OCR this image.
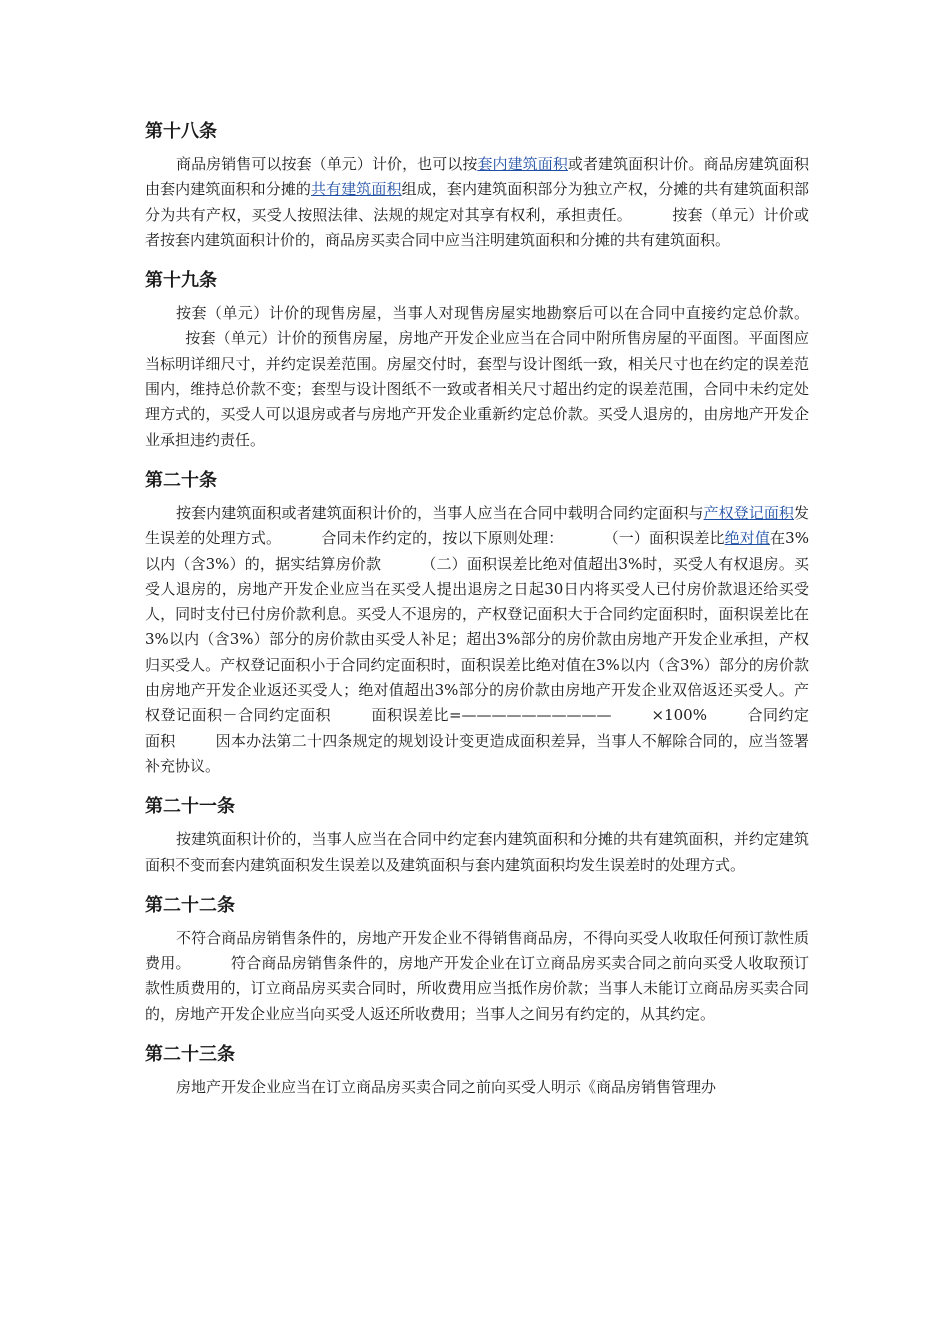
第十八条

商品房销售可以按套（单元）计价，也可以按套内建筑面积或者建筑面积计价。商品房建筑面积由套内建筑面积和分摊的共有建筑面积组成，套内建筑面积部分为独立产权，分摊的共有建筑面积部分为共有产权，买受人按照法律、法规的规定对其享有权利，承担责任。	按套（单元）计价或者按套内建筑面积计价的，商品房买卖合同中应当注明建筑面积和分摊的共有建筑面积。

第十九条

按套（单元）计价的现售房屋，当事人对现售房屋实地勘察后可以在合同中直接约定总价款。按套（单元）计价的预售房屋，房地产开发企业应当在合同中附所售房屋的平面图。平面图应当标明详细尺寸，并约定误差范围。房屋交付时，套型与设计图纸一致，相关尺寸也在约定的误差范围内，维持总价款不变；套型与设计图纸不一致或者相关尺寸超出约定的误差范围，合同中未约定处理方式的，买受人可以退房或者与房地产开发企业重新约定总价款。买受人退房的，由房地产开发企业承担违约责任。

第二十条

按套内建筑面积或者建筑面积计价的，当事人应当在合同中载明合同约定面积与产权登记面积发生误差的处理方式。	合同未作约定的，按以下原则处理：	（一）面积误差比绝对值在3%以内（含3%）的，据实结算房价款	（二）面积误差比绝对值超出3%时，买受人有权退房。买受人退房的，房地产开发企业应当在买受人提出退房之日起30日内将买受人已付房价款退还给买受人，同时支付已付房价款利息。买受人不退房的，产权登记面积大于合同约定面积时，面积误差比在3%以内（含3%）部分的房价款由买受人补足；超出3%部分的房价款由房地产开发企业承担，产权归买受人。产权登记面积小于合同约定面积时，面积误差比绝对值在3%以内（含3%）部分的房价款由房地产开发企业返还买受人；绝对值超出3%部分的房价款由房地产开发企业双倍返还买受人。产权登记面积－合同约定面积	面积误差比=——————————	×100%	合同约定面积	因本办法第二十四条规定的规划设计变更造成面积差异，当事人不解除合同的，应当签署补充协议。

第二十一条

按建筑面积计价的，当事人应当在合同中约定套内建筑面积和分摊的共有建筑面积，并约定建筑面积不变而套内建筑面积发生误差以及建筑面积与套内建筑面积均发生误差时的处理方式。

第二十二条

不符合商品房销售条件的，房地产开发企业不得销售商品房，不得向买受人收取任何预订款性质费用。	符合商品房销售条件的，房地产开发企业在订立商品房买卖合同之前向买受人收取预订款性质费用的，订立商品房买卖合同时，所收费用应当抵作房价款；当事人未能订立商品房买卖合同的，房地产开发企业应当向买受人返还所收费用；当事人之间另有约定的，从其约定。

第二十三条

房地产开发企业应当在订立商品房买卖合同之前向买受人明示《商品房销售管理办
